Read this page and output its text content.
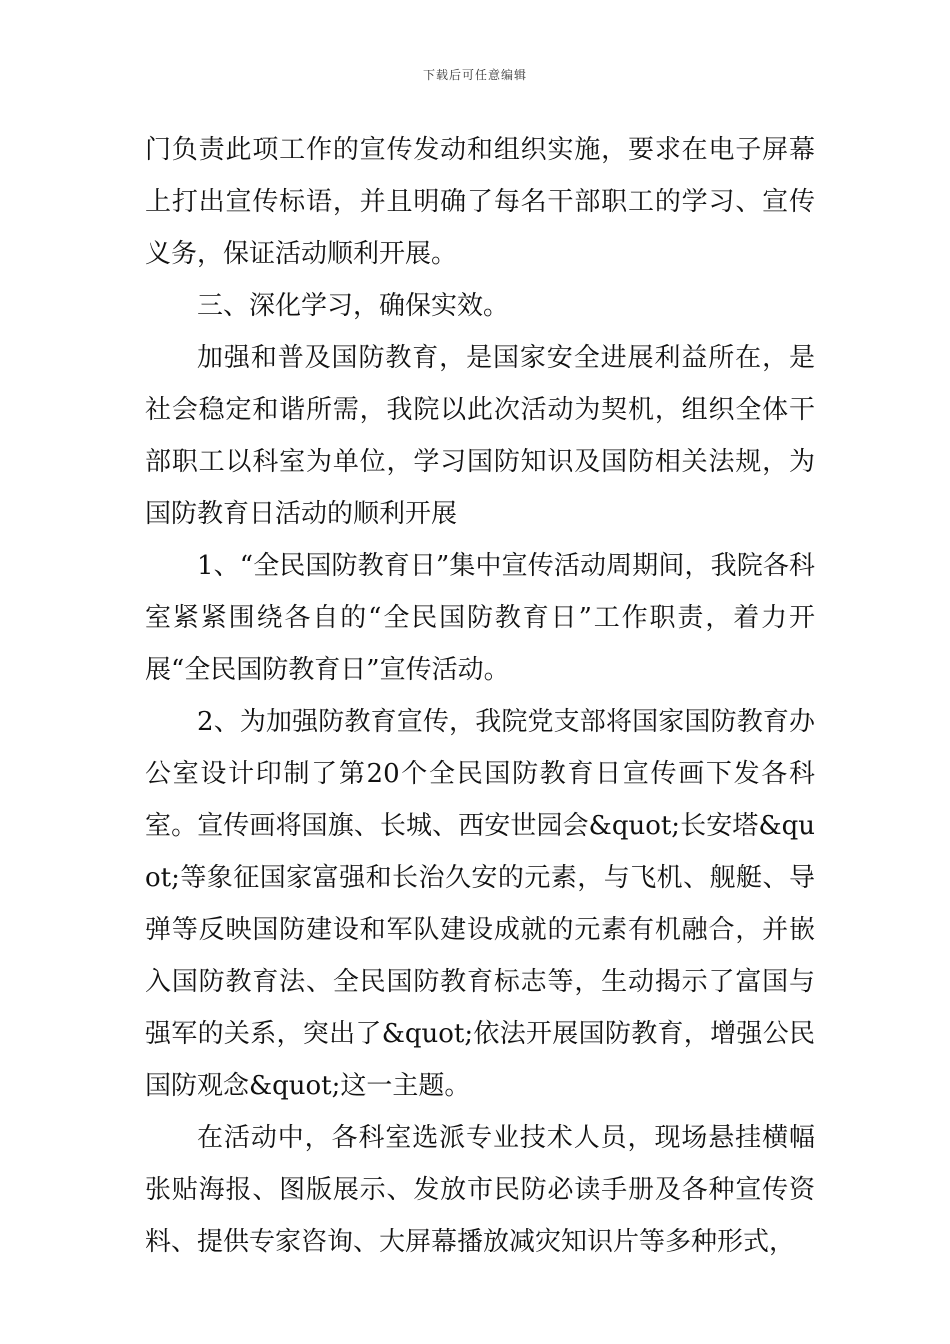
下载后可任意编辑

门负责此项工作的宣传发动和组织实施，要求在电子屏幕上打出宣传标语，并且明确了每名干部职工的学习、宣传义务，保证活动顺利开展。

三、深化学习，确保实效。

加强和普及国防教育，是国家安全进展利益所在，是社会稳定和谐所需，我院以此次活动为契机，组织全体干部职工以科室为单位，学习国防知识及国防相关法规，为国防教育日活动的顺利开展

1、“全民国防教育日”集中宣传活动周期间，我院各科室紧紧围绕各自的“全民国防教育日”工作职责，着力开展“全民国防教育日”宣传活动。

2、为加强防教育宣传，我院党支部将国家国防教育办公室设计印制了第20个全民国防教育日宣传画下发各科室。宣传画将国旗、长城、西安世园会&quot;长安塔&quot;等象征国家富强和长治久安的元素，与飞机、舰艇、导弹等反映国防建设和军队建设成就的元素有机融合，并嵌入国防教育法、全民国防教育标志等，生动揭示了富国与强军的关系，突出了&quot;依法开展国防教育，增强公民国防观念&quot;这一主题。

在活动中，各科室选派专业技术人员，现场悬挂横幅张贴海报、图版展示、发放市民防必读手册及各种宣传资料、提供专家咨询、大屏幕播放减灾知识片等多种形式，
